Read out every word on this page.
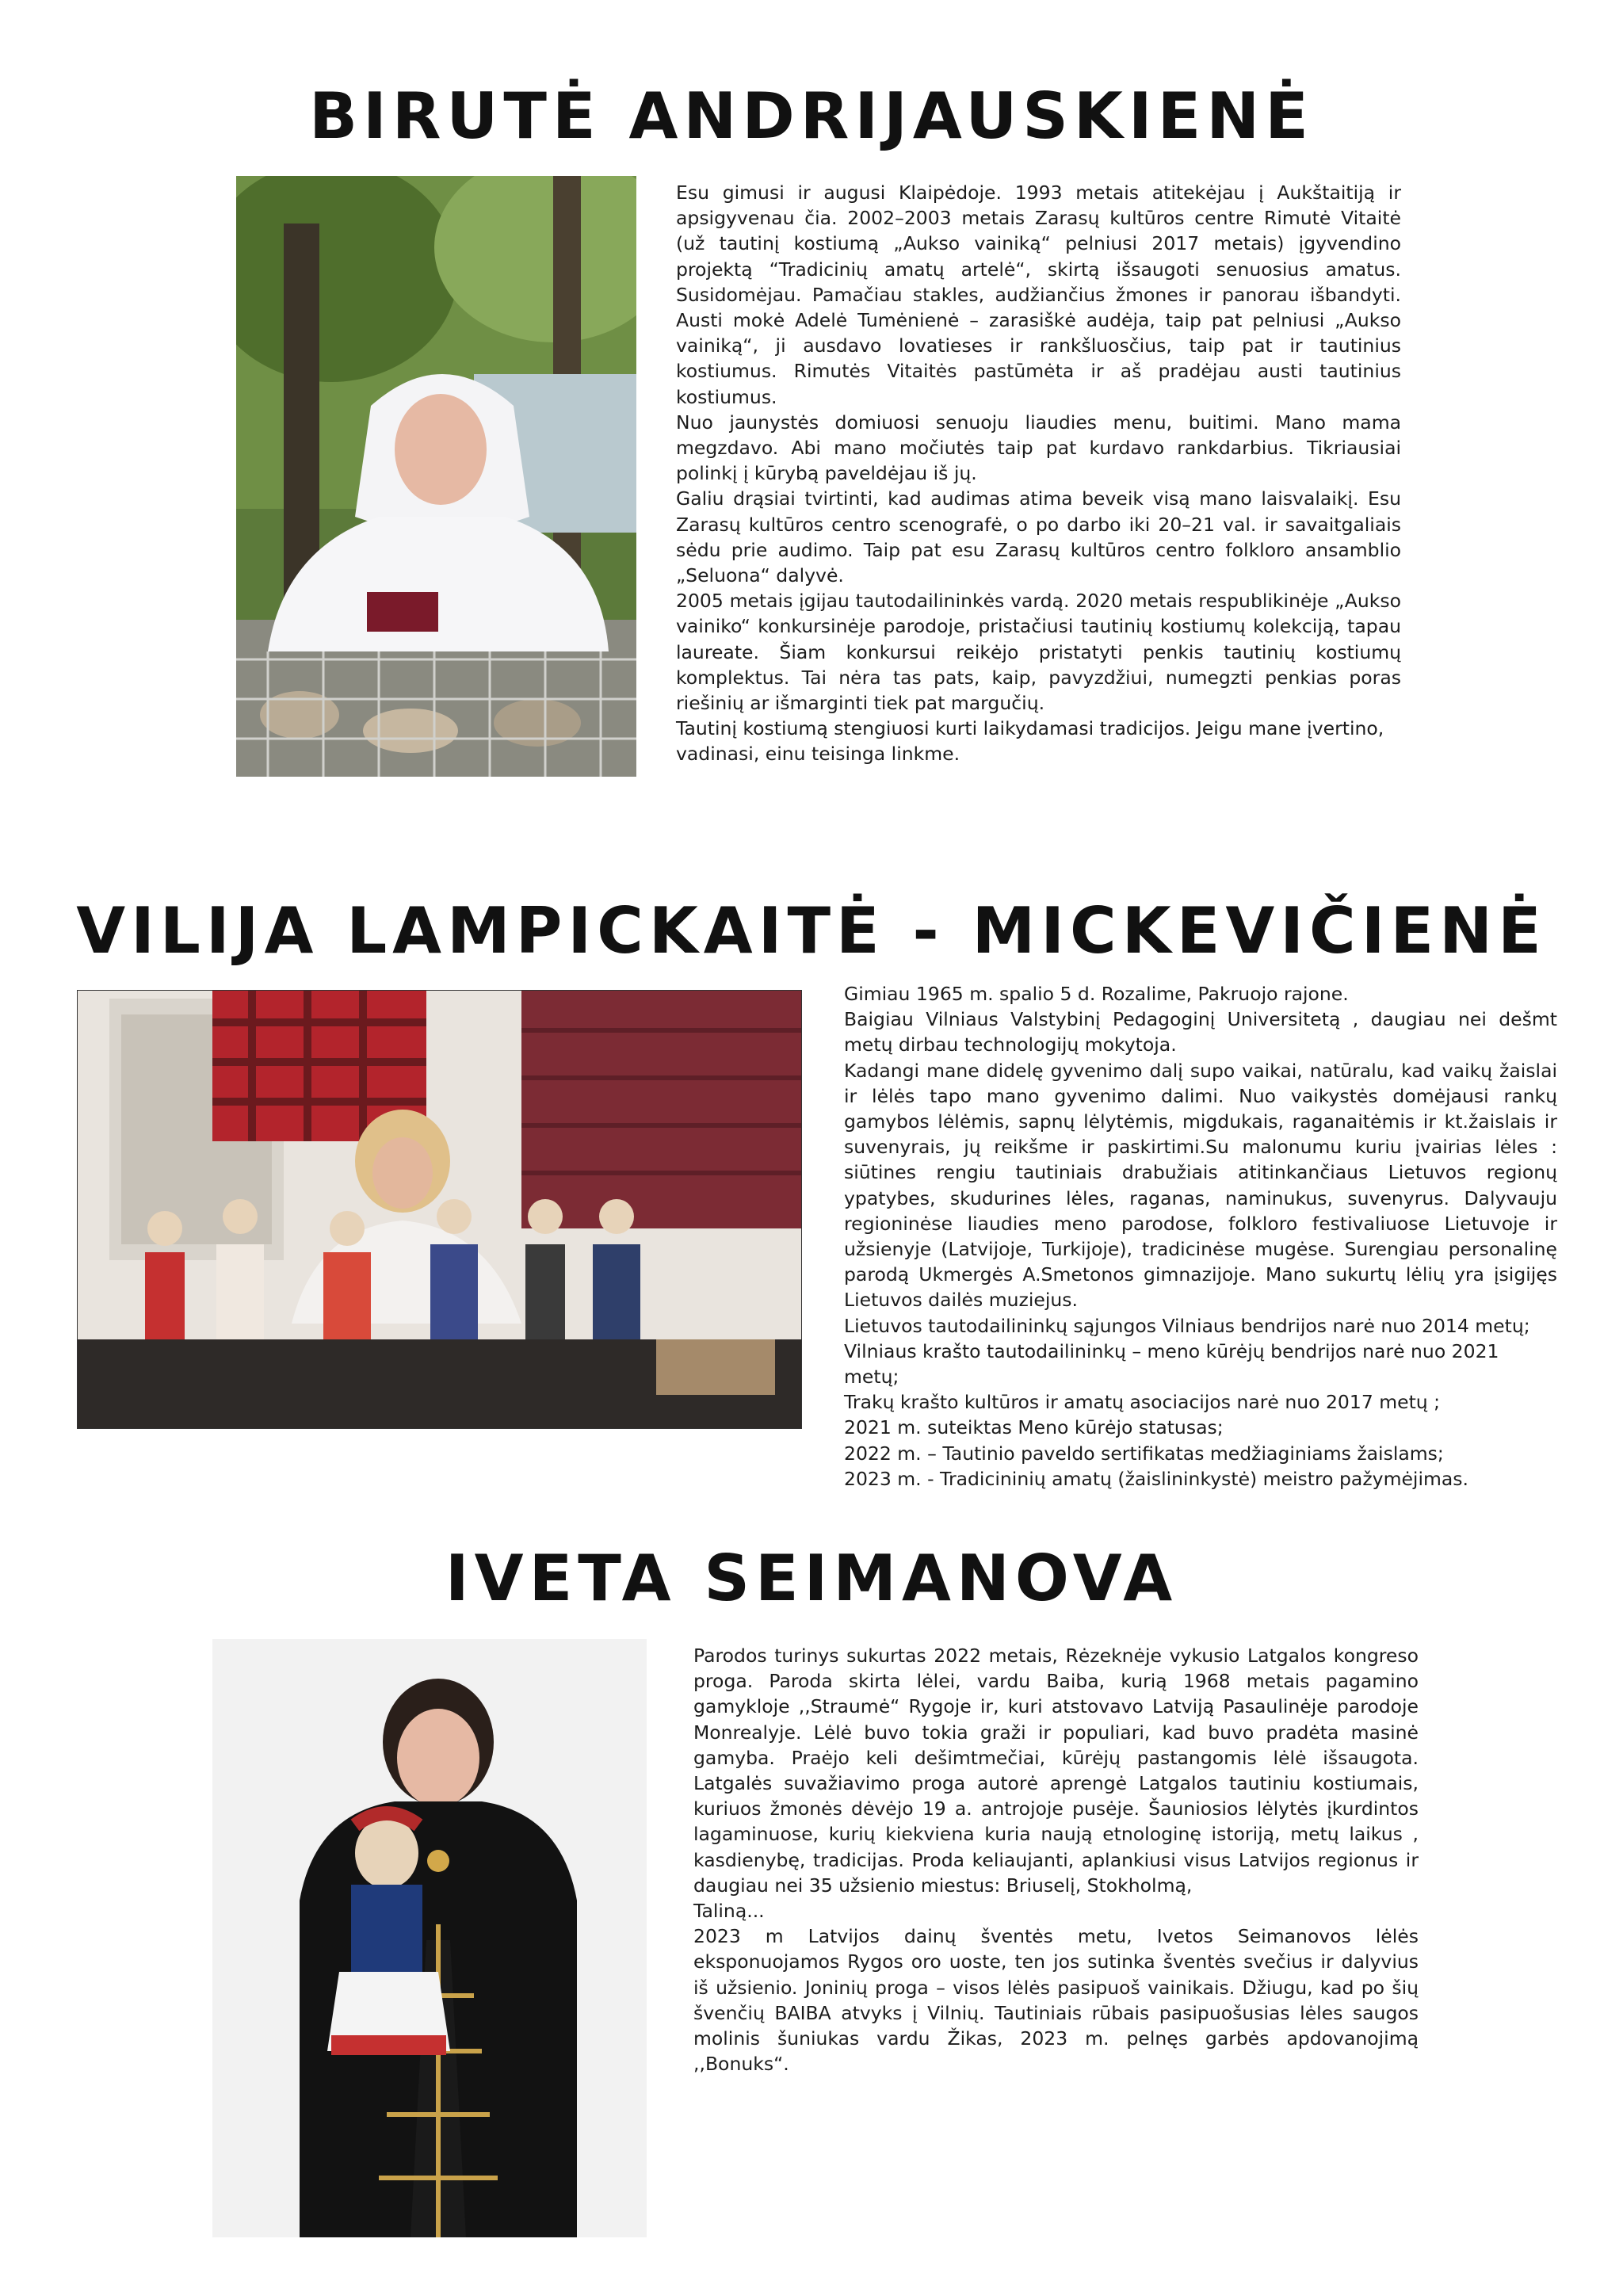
BIRUTĖ ANDRIJAUSKIENĖ

Esu gimusi ir augusi Klaipėdoje. 1993 metais atitekėjau į Aukštaitiją ir apsigyvenau čia. 2002–2003 metais Zarasų kultūros centre Rimutė Vitaitė (už tautinį kostiumą „Aukso vainiką“ pelniusi 2017 metais) įgyvendino projektą “Tradicinių amatų artelė“, skirtą išsaugoti senuosius amatus. Susidomėjau. Pamačiau stakles, audžiančius žmones ir panorau išbandyti. Austi mokė Adelė Tumėnienė – zarasiškė audėja, taip pat pelniusi „Aukso vainiką“, ji ausdavo lovatieses ir rankšluosčius, taip pat ir tautinius kostiumus. Rimutės Vitaitės pastūmėta ir aš pradėjau austi tautinius kostiumus.

Nuo jaunystės domiuosi senuoju liaudies menu, buitimi. Mano mama megzdavo. Abi mano močiutės taip pat kurdavo rankdarbius. Tikriausiai polinkį į kūrybą paveldėjau iš jų.

Galiu drąsiai tvirtinti, kad audimas atima beveik visą mano laisvalaikį. Esu Zarasų kultūros centro scenografė, o po darbo iki 20–21 val. ir savaitgaliais sėdu prie audimo. Taip pat esu Zarasų kultūros centro folkloro ansamblio „Seluona“ dalyvė.

2005 metais įgijau tautodailininkės vardą. 2020 metais respublikinėje „Aukso vainiko“ konkursinėje parodoje, pristačiusi tautinių kostiumų kolekciją, tapau laureate. Šiam konkursui reikėjo pristatyti penkis tautinių kostiumų komplektus. Tai nėra tas pats, kaip, pavyzdžiui, numegzti penkias poras riešinių ar išmarginti tiek pat margučių.

Tautinį kostiumą stengiuosi kurti laikydamasi tradicijos. Jeigu mane įvertino, vadinasi, einu teisinga linkme.

VILIJA LAMPICKAITĖ - MICKEVIČIENĖ

Gimiau 1965 m. spalio 5 d. Rozalime, Pakruojo rajone.

Baigiau Vilniaus Valstybinį Pedagoginį Universitetą , daugiau nei dešmt metų dirbau technologijų mokytoja.

Kadangi mane didelę gyvenimo dalį supo vaikai, natūralu, kad vaikų žaislai ir lėlės tapo mano gyvenimo dalimi. Nuo vaikystės domėjausi rankų gamybos lėlėmis, sapnų lėlytėmis, migdukais, raganaitėmis ir kt.žaislais ir suvenyrais, jų reikšme ir paskirtimi.Su malonumu kuriu įvairias lėles : siūtines rengiu tautiniais drabužiais atitinkančiaus Lietuvos regionų ypatybes, skudurines lėles, raganas, naminukus, suvenyrus. Dalyvauju regioninėse liaudies meno parodose, folkloro festivaliuose Lietuvoje ir užsienyje (Latvijoje, Turkijoje), tradicinėse mugėse. Surengiau personalinę parodą Ukmergės A.Smetonos gimnazijoje. Mano sukurtų lėlių yra įsigijęs Lietuvos dailės muziejus.

Lietuvos tautodailininkų sąjungos Vilniaus bendrijos narė nuo 2014 metų;

Vilniaus krašto tautodailininkų – meno kūrėjų bendrijos narė nuo 2021 metų;

Trakų krašto kultūros ir amatų asociacijos narė nuo 2017 metų ;

2021 m. suteiktas Meno kūrėjo statusas;

2022 m. – Tautinio paveldo sertifikatas medžiaginiams žaislams;

2023 m. - Tradicininių amatų (žaislininkystė) meistro pažymėjimas.

IVETA SEIMANOVA

Parodos turinys sukurtas 2022 metais, Rėzeknėje vykusio Latgalos kongreso proga. Paroda skirta lėlei, vardu Baiba, kurią 1968 metais pagamino gamykloje ,,Straumė“ Rygoje ir, kuri atstovavo Latviją Pasaulinėje parodoje Monrealyje. Lėlė buvo tokia graži ir populiari, kad buvo pradėta masinė gamyba. Praėjo keli dešimtmečiai, kūrėjų pastangomis lėlė išsaugota. Latgalės suvažiavimo proga autorė aprengė Latgalos tautiniu kostiumais, kuriuos žmonės dėvėjo 19 a. antrojoje pusėje. Šauniosios lėlytės įkurdintos lagaminuose, kurių kiekviena kuria naują etnologinę istoriją, metų laikus , kasdienybę, tradicijas. Proda keliaujanti, aplankiusi visus Latvijos regionus ir daugiau nei 35 užsienio miestus: Briuselį, Stokholmą,

Taliną...

2023 m Latvijos dainų šventės metu, Ivetos Seimanovos lėlės eksponuojamos Rygos oro uoste, ten jos sutinka šventės svečius ir dalyvius iš užsienio. Joninių proga – visos lėlės pasipuoš vainikais. Džiugu, kad po šių švenčių BAIBA atvyks į Vilnių. Tautiniais rūbais pasipuošusias lėles saugos molinis šuniukas vardu Žikas, 2023 m. pelnęs garbės apdovanojimą ,,Bonuks“.
